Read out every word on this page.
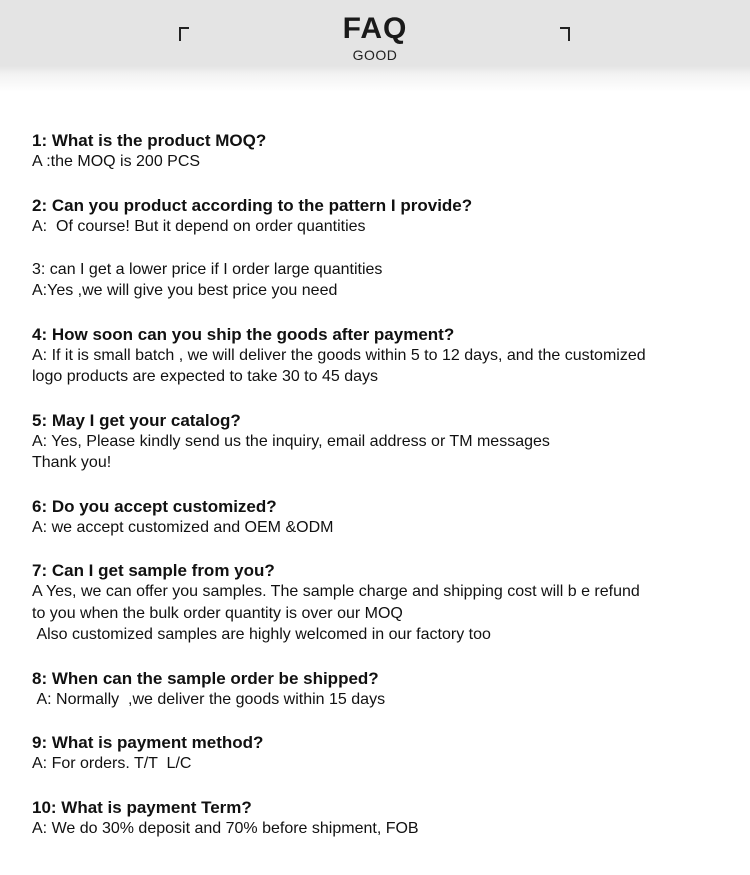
FAQ
GOOD
1: What is the product MOQ?
A :the MOQ is 200 PCS
2: Can you product according to the pattern I provide?
A:  Of course! But it depend on order quantities
3: can I get a lower price if I order large quantities
A:Yes ,we will give you best price you need
4: How soon can you ship the goods after payment?
A: If it is small batch , we will deliver the goods within 5 to 12 days, and the customized
logo products are expected to take 30 to 45 days
5: May I get your catalog?
A: Yes, Please kindly send us the inquiry, email address or TM messages
Thank you!
6: Do you accept customized?
A: we accept customized and OEM &ODM
7: Can I get sample from you?
A Yes, we can offer you samples. The sample charge and shipping cost will b e refund
to you when the bulk order quantity is over our MOQ
Also customized samples are highly welcomed in our factory too
8: When can the sample order be shipped?
A: Normally  ,we deliver the goods within 15 days
9: What is payment method?
A: For orders. T/T  L/C
10: What is payment Term?
A: We do 30% deposit and 70% before shipment, FOB
